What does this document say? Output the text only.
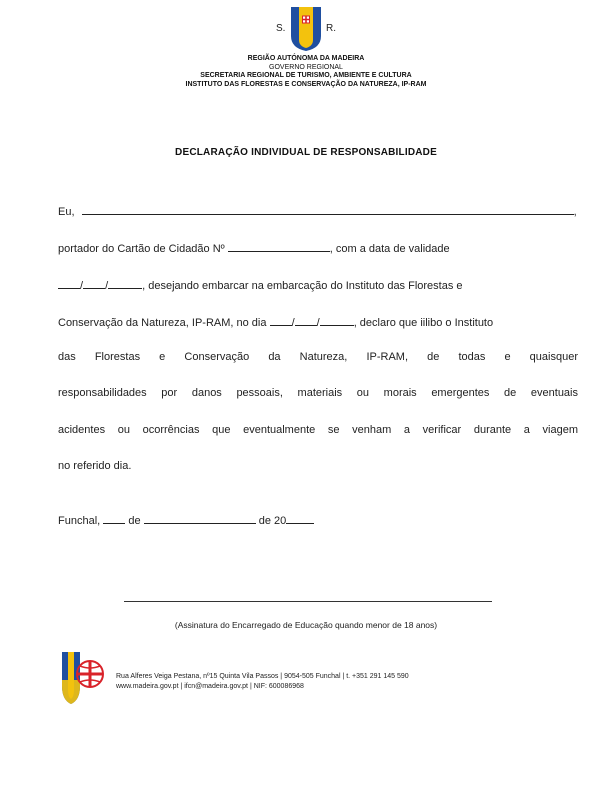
S.	R.
REGIÃO AUTÓNOMA DA MADEIRA
GOVERNO REGIONAL
SECRETARIA REGIONAL DE TURISMO, AMBIENTE E CULTURA
INSTITUTO DAS FLORESTAS E CONSERVAÇÃO DA NATUREZA, IP-RAM
DECLARAÇÃO INDIVIDUAL DE RESPONSABILIDADE
Eu,	,
portador do Cartão de Cidadão Nº	, com a data de validade
/ /	, desejando embarcar na embarcação do Instituto das Florestas e
Conservação da Natureza, IP-RAM, no dia / /	, declaro que iilibo o Instituto
das Florestas e Conservação da Natureza, IP-RAM, de todas e quaisquer
responsabilidades por danos pessoais, materiais ou morais emergentes de eventuais
acidentes ou ocorrências que eventualmente se venham a verificar durante a viagem
no referido dia.
Funchal,	de	de 20
(Assinatura do Encarregado de Educação quando menor de 18 anos)
Rua Alferes Veiga Pestana, nº15 Quinta Vila Passos | 9054-505 Funchal | t. +351 291 145 590
www.madeira.gov.pt | ifcn@madeira.gov.pt | NIF: 600086968
